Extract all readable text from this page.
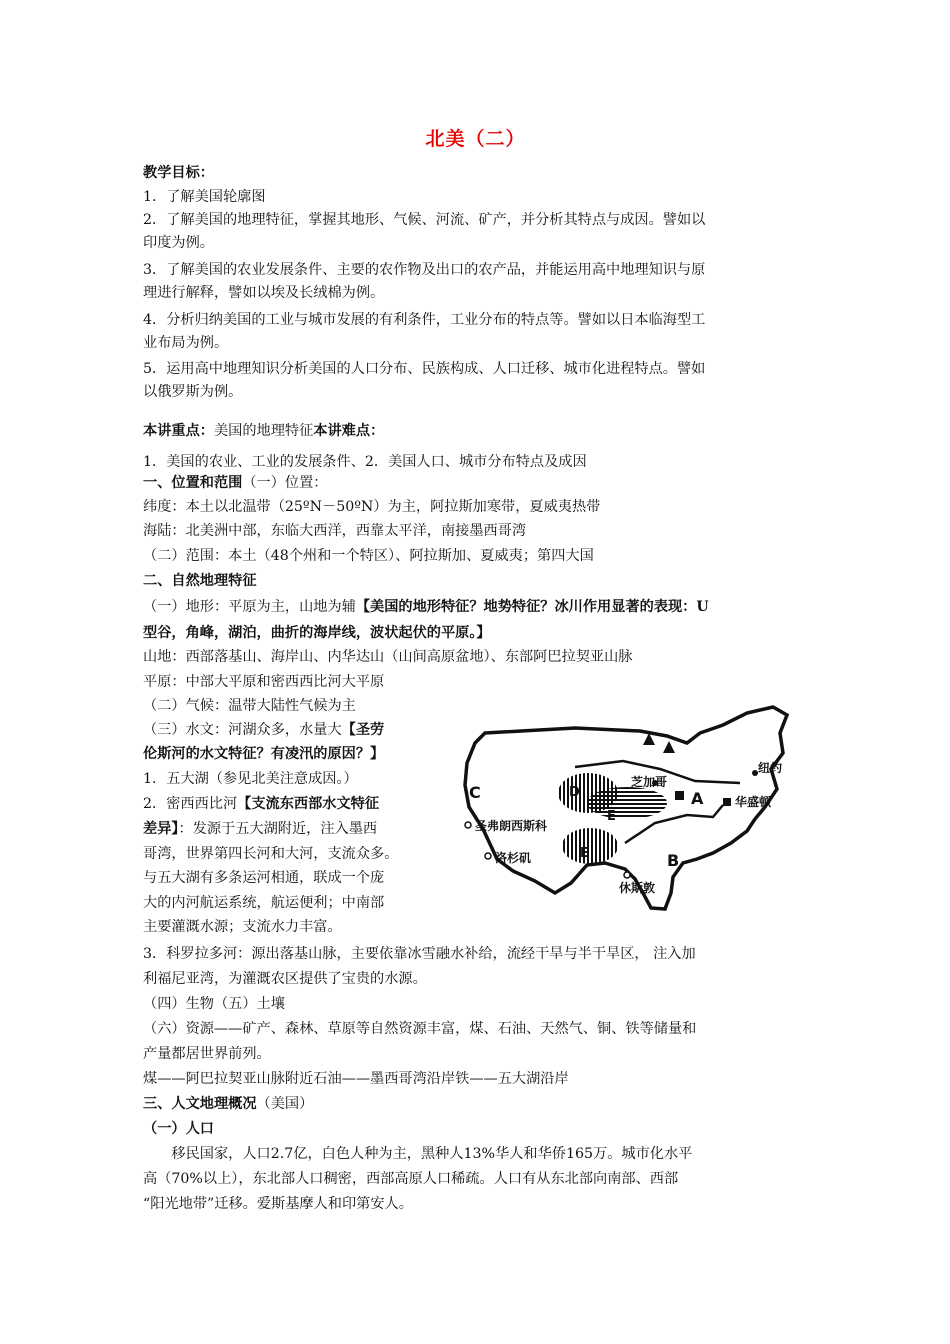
北美（二）
教学目标：
1．了解美国轮廓图
2．了解美国的地理特征，掌握其地形、气候、河流、矿产，并分析其特点与成因。譬如以
印度为例。
3．了解美国的农业发展条件、主要的农作物及出口的农产品，并能运用高中地理知识与原
理进行解释，譬如以埃及长绒棉为例。
4．分析归纳美国的工业与城市发展的有利条件，工业分布的特点等。譬如以日本临海型工
业布局为例。
5．运用高中地理知识分析美国的人口分布、民族构成、人口迁移、城市化进程特点。譬如
以俄罗斯为例。
本讲重点：美国的地理特征本讲难点：
1．美国的农业、工业的发展条件、2．美国人口、城市分布特点及成因
一、位置和范围（一）位置：
纬度：本土以北温带（25ºN－50ºN）为主，阿拉斯加寒带，夏威夷热带
海陆：北美洲中部，东临大西洋，西靠太平洋，南接墨西哥湾
（二）范围：本土（48个州和一个特区）、阿拉斯加、夏威夷；第四大国
二、自然地理特征
（一）地形：平原为主，山地为辅【美国的地形特征？地势特征？冰川作用显著的表现：U
型谷，角峰，湖泊，曲折的海岸线，波状起伏的平原。】
山地：西部落基山、海岸山、内华达山（山间高原盆地）、东部阿巴拉契亚山脉
平原：中部大平原和密西西比河大平原
（二）气候：温带大陆性气候为主
（三）水文：河湖众多，水量大【圣劳
伦斯河的水文特征？有凌汛的原因？】
1．五大湖（参见北美注意成因。）
2．密西西比河【支流东西部水文特征
差异】：发源于五大湖附近，注入墨西
哥湾，世界第四长河和大河，支流众多。
与五大湖有多条运河相通，联成一个庞
大的内河航运系统，航运便利；中南部
主要灌溉水源；支流水力丰富。
3．科罗拉多河：源出落基山脉，主要依靠冰雪融水补给，流经干旱与半干旱区， 注入加
利福尼亚湾，为灌溉农区提供了宝贵的水源。
（四）生物（五）土壤
（六）资源——矿产、森林、草原等自然资源丰富，煤、石油、天然气、铜、铁等储量和
产量都居世界前列。
煤——阿巴拉契亚山脉附近石油——墨西哥湾沿岸铁——五大湖沿岸
三、人文地理概况（美国）
（一）人口
　　移民国家，人口2.7亿，白色人种为主，黑种人13%华人和华侨165万。城市化水平
高（70%以上），东北部人口稠密，西部高原人口稀疏。人口有从东北部向南部、西部
“阳光地带”迁移。爱斯基摩人和印第安人。
C	D
E
E
A
B
芝加哥
纽约
华盛顿
圣弗朗西斯科
洛杉矶
休斯敦
